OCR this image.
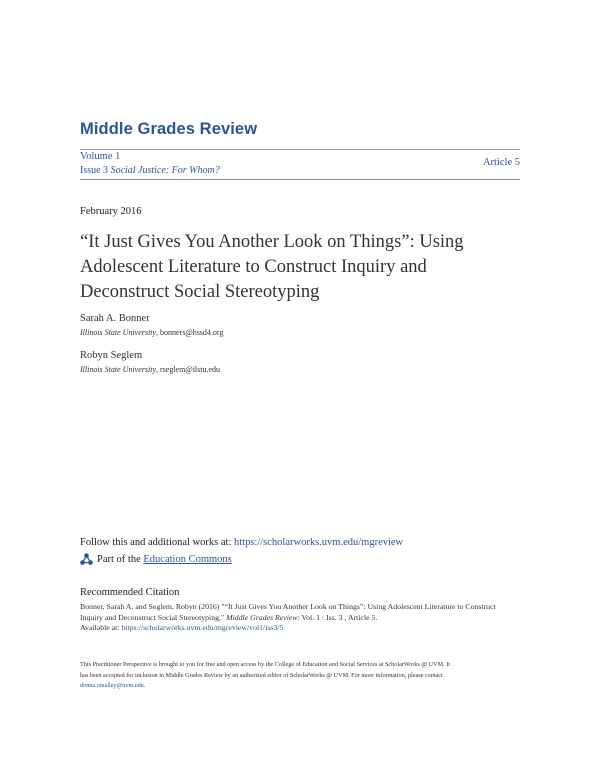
Middle Grades Review
Volume 1
Issue 3 Social Justice: For Whom?
Article 5
February 2016
“It Just Gives You Another Look on Things”: Using
Adolescent Literature to Construct Inquiry and
Deconstruct Social Stereotyping
Sarah A. Bonner
Illinois State University, bonners@hssd4.org
Robyn Seglem
Illinois State University, rseglem@ilstu.edu
Follow this and additional works at: https://scholarworks.uvm.edu/mgreview
Part of the
Education Commons
Recommended Citation
Bonner, Sarah A. and Seglem, Robyn (2016) "“It Just Gives You Another Look on Things”: Using Adolescent Literature to Construct
Inquiry and Deconstruct Social Stereotyping," Middle Grades Review: Vol. 1 : Iss. 3 , Article 5.
Available at: https://scholarworks.uvm.edu/mgreview/vol1/iss3/5
This Practitioner Perspective is brought to you for free and open access by the College of Education and Social Services at ScholarWorks @ UVM. It
has been accepted for inclusion in Middle Grades Review by an authorized editor of ScholarWorks @ UVM. For more information, please contact
donna.omalley@uvm.edu.
